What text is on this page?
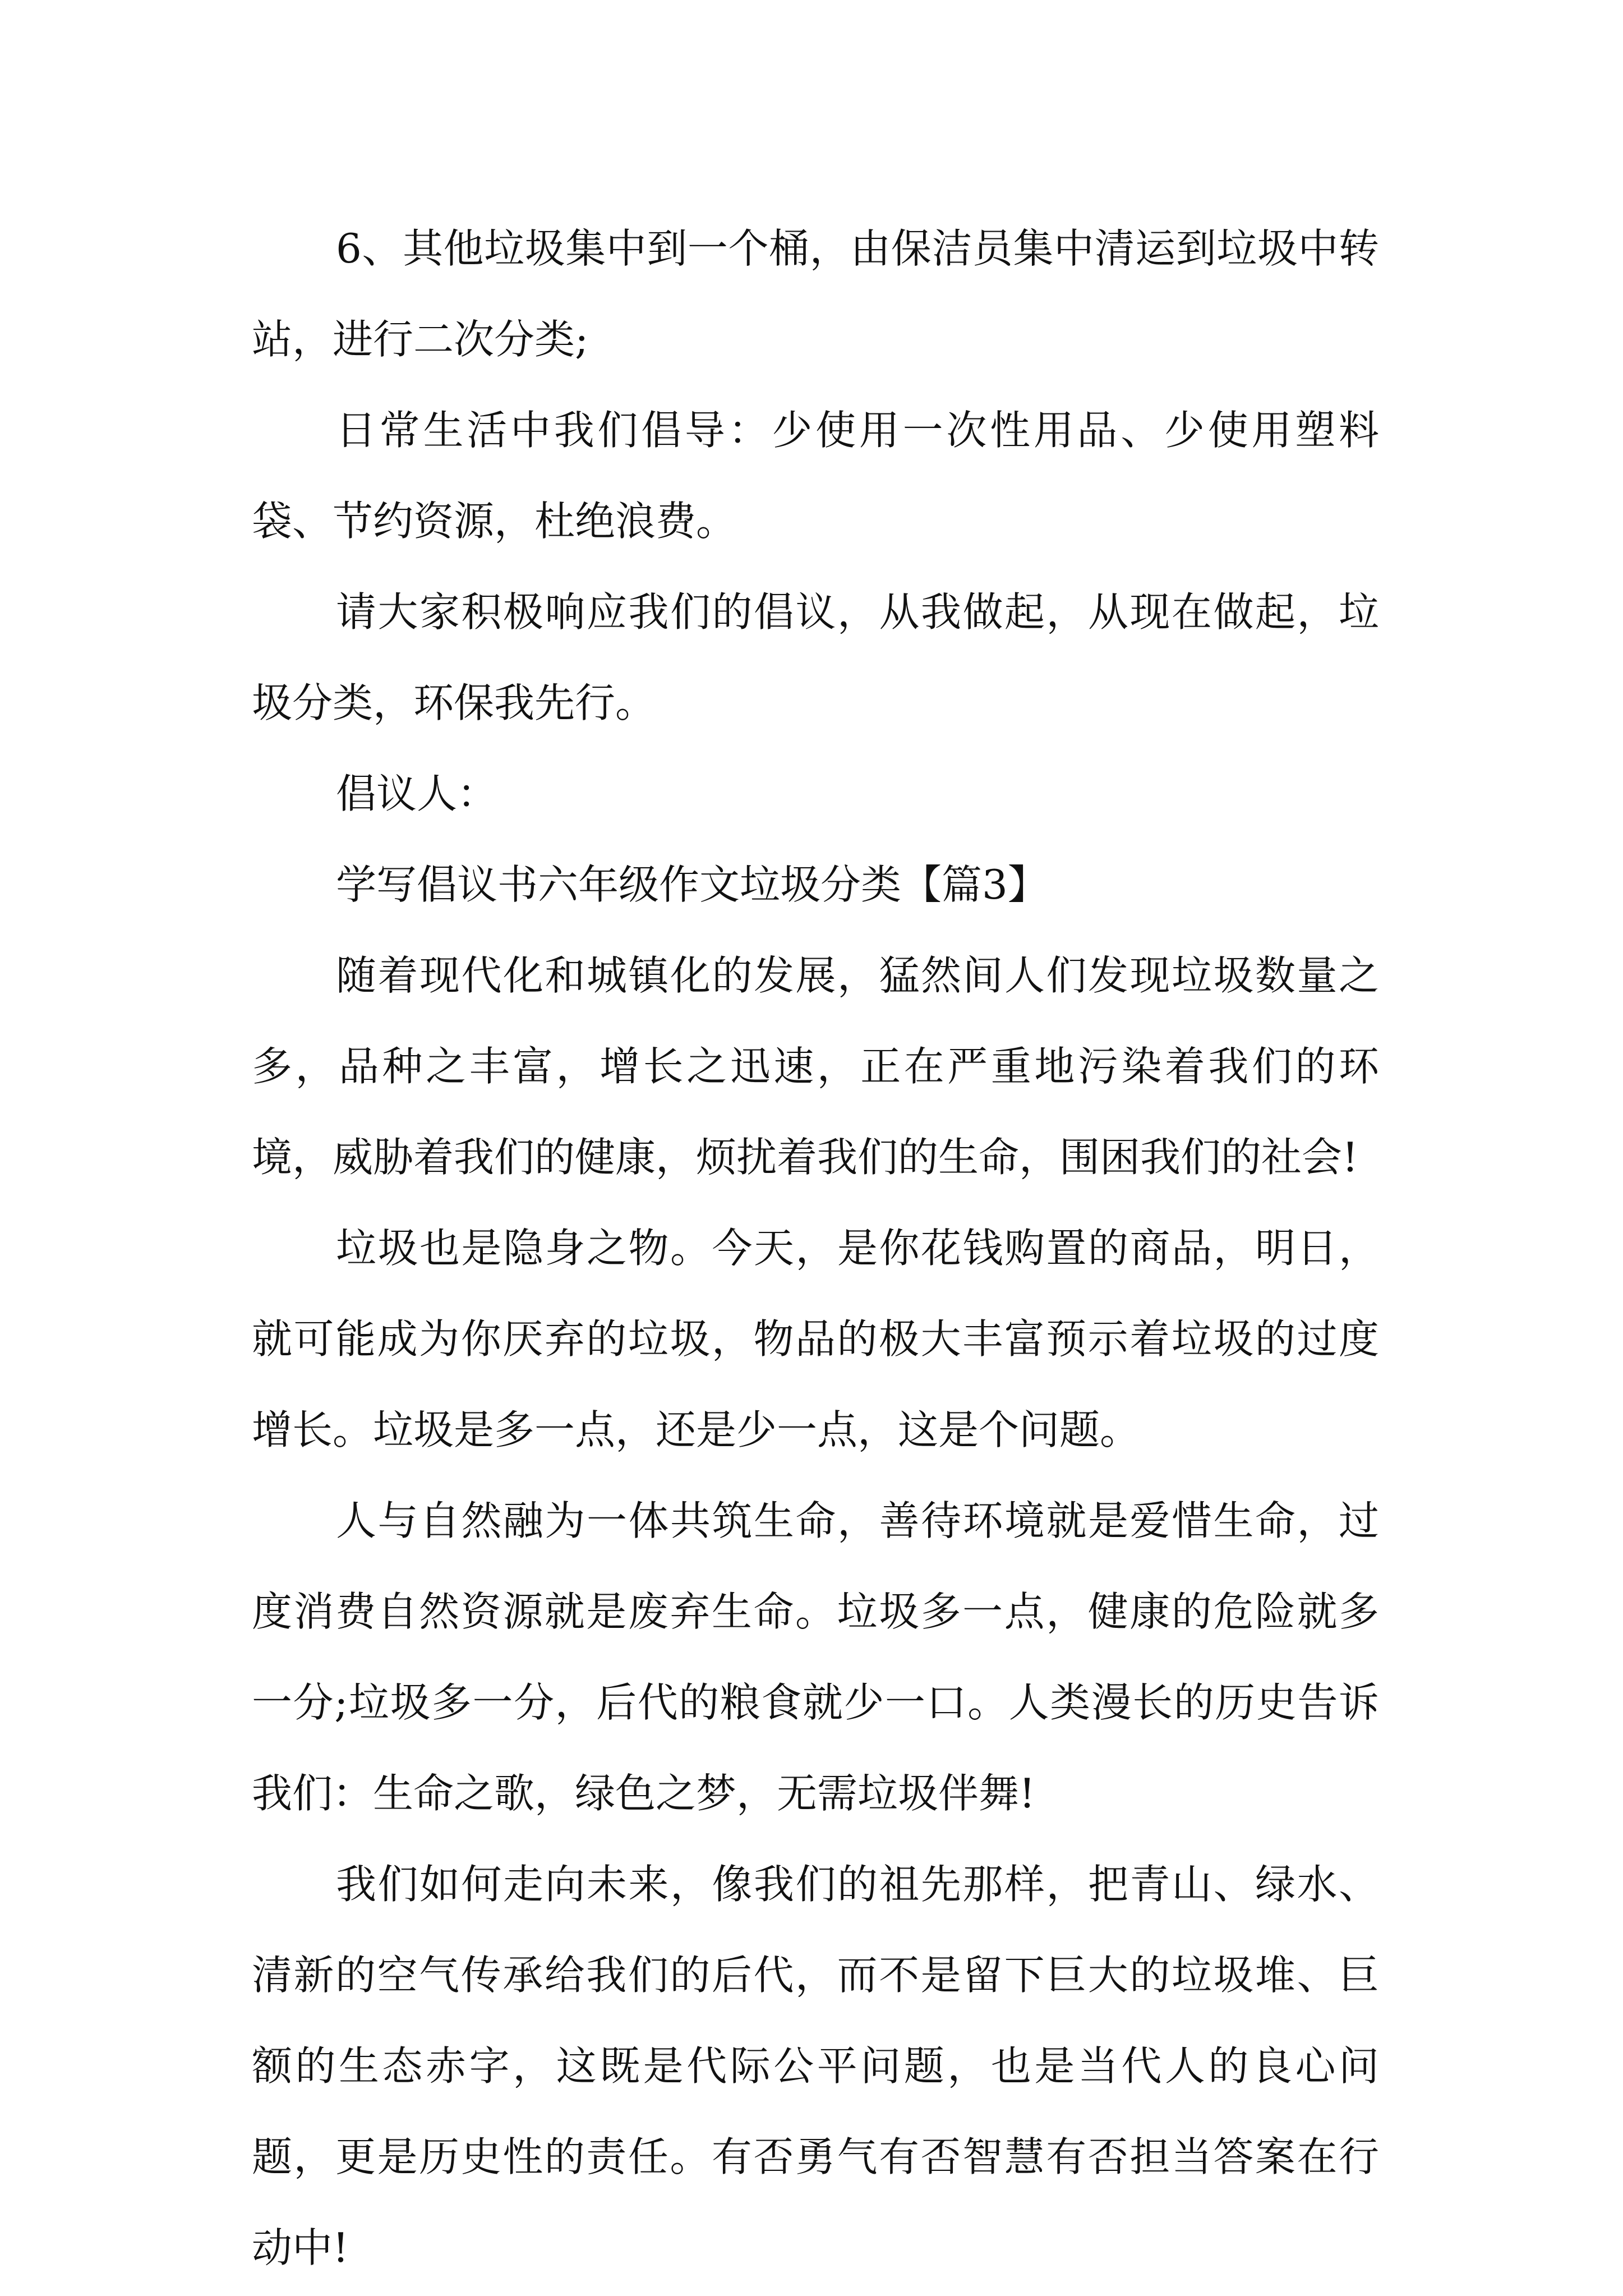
6、其他垃圾集中到一个桶，由保洁员集中清运到垃圾中转站，进行二次分类;

日常生活中我们倡导：少使用一次性用品、少使用塑料袋、节约资源，杜绝浪费。

请大家积极响应我们的倡议，从我做起，从现在做起，垃圾分类，环保我先行。

倡议人：

学写倡议书六年级作文垃圾分类【篇3】

随着现代化和城镇化的发展，猛然间人们发现垃圾数量之多，品种之丰富，增长之迅速，正在严重地污染着我们的环境，威胁着我们的健康，烦扰着我们的生命，围困我们的社会!

垃圾也是隐身之物。今天，是你花钱购置的商品，明日，就可能成为你厌弃的垃圾，物品的极大丰富预示着垃圾的过度增长。垃圾是多一点，还是少一点，这是个问题。

人与自然融为一体共筑生命，善待环境就是爱惜生命，过度消费自然资源就是废弃生命。垃圾多一点，健康的危险就多一分;垃圾多一分，后代的粮食就少一口。人类漫长的历史告诉我们：生命之歌，绿色之梦，无需垃圾伴舞!

我们如何走向未来，像我们的祖先那样，把青山、绿水、清新的空气传承给我们的后代，而不是留下巨大的垃圾堆、巨额的生态赤字，这既是代际公平问题，也是当代人的良心问题，更是历史性的责任。有否勇气有否智慧有否担当答案在行动中!
